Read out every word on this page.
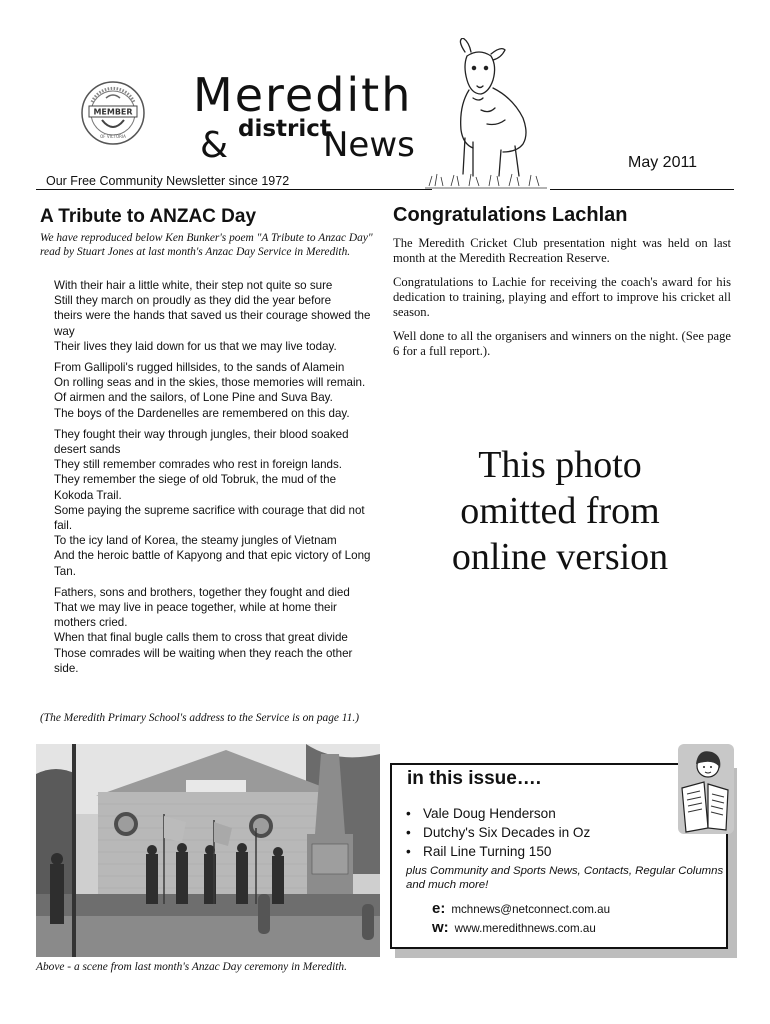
MEMBER
OF VICTORIA
Meredith
& district
News	May 2011
Our Free Community Newsletter since 1972
A Tribute to ANZAC Day
We have reproduced below Ken Bunker's poem "A Tribute to Anzac Day" read by Stuart Jones at last month's Anzac Day Service in Meredith.

With their hair a little white, their step not quite so sure
Still they march on proudly as they did the year before
theirs were the hands that saved us their courage showed the way
Their lives they laid down for us that we may live today.

From Gallipoli's rugged hillsides, to the sands of Alamein
On rolling seas and in the skies, those memories will remain.
Of airmen and the sailors, of Lone Pine and Suva Bay.
The boys of the Dardenelles are remembered on this day.

They fought their way through jungles, their blood soaked desert sands
They still remember comrades who rest in foreign lands.
They remember the siege of old Tobruk, the mud of the Kokoda Trail.
Some paying the supreme sacrifice with courage that did not fail.
To the icy land of Korea, the steamy jungles of Vietnam
And the heroic battle of Kapyong and that epic victory of Long Tan.

Fathers, sons and brothers, together they fought and died
That we may live in peace together, while at home their mothers cried.
When that final bugle calls them to cross that great divide
Those comrades will be waiting when they reach the other side.

(The Meredith Primary School's address to the Service is on page 11.)
Above - a scene from last month's Anzac Day ceremony in Meredith.
Congratulations Lachlan

The Meredith Cricket Club presentation night was held on last month at the Meredith Recreation Reserve.

Congratulations to Lachie for receiving the coach's award for his dedication to training, playing and effort to improve his cricket all season.

Well done to all the organisers and winners on the night. (See page 6 for a full report.).

This photo
omitted from
online version
in this issue….
• Vale Doug Henderson
• Dutchy's Six Decades in Oz
• Rail Line Turning 150
plus Community and Sports News, Contacts, Regular Columns and much more!
e: mchnews@netconnect.com.au
w: www.meredithnews.com.au
